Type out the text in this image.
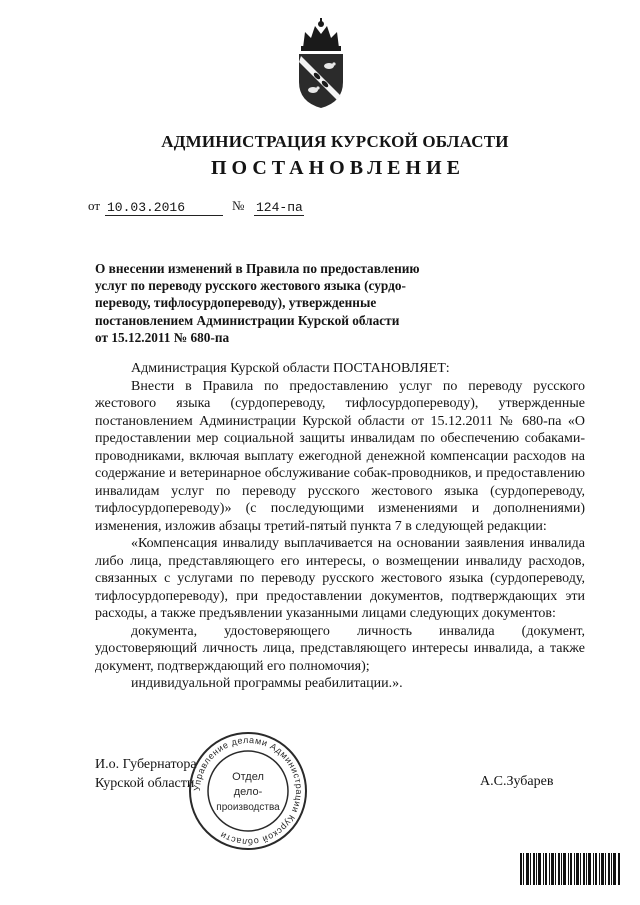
АДМИНИСТРАЦИЯ КУРСКОЙ ОБЛАСТИ
ПОСТАНОВЛЕНИЕ
от 10.03.2016	№ 124-па
О внесении изменений в Правила по предоставлению
услуг по переводу русского жестового языка (сурдо-
переводу, тифлосурдопереводу), утвержденные
постановлением Администрации Курской области
от 15.12.2011 № 680-па

Администрация Курской области ПОСТАНОВЛЯЕТ:

Внести в Правила по предоставлению услуг по переводу русского жестового языка (сурдопереводу, тифлосурдопереводу), утвержденные постановлением Администрации Курской области от 15.12.2011 № 680-па «О предоставлении мер социальной защиты инвалидам по обеспечению собаками-проводниками, включая выплату ежегодной денежной компенсации расходов на содержание и ветеринарное обслуживание собак-проводников, и предоставлению инвалидам услуг по переводу русского жестового языка (сурдопереводу, тифлосурдопереводу)» (с последующими изменениями и дополнениями) изменения, изложив абзацы третий-пятый пункта 7 в следующей редакции:

«Компенсация инвалиду выплачивается на основании заявления инвалида либо лица, представляющего его интересы, о возмещении инвалиду расходов, связанных с услугами по переводу русского жестового языка (сурдопереводу, тифлосурдопереводу), при предоставлении документов, подтверждающих эти расходы, а также предъявлении указанными лицами следующих документов:

документа, удостоверяющего личность инвалида (документ, удостоверяющий личность лица, представляющего интересы инвалида, а также документ, подтверждающий его полномочия);

индивидуальной программы реабилитации.».

И.о. Губернатора
Курской области	А.С.Зубарев
Управление делами Администрации Курской области
Отдел
дело-
производства
